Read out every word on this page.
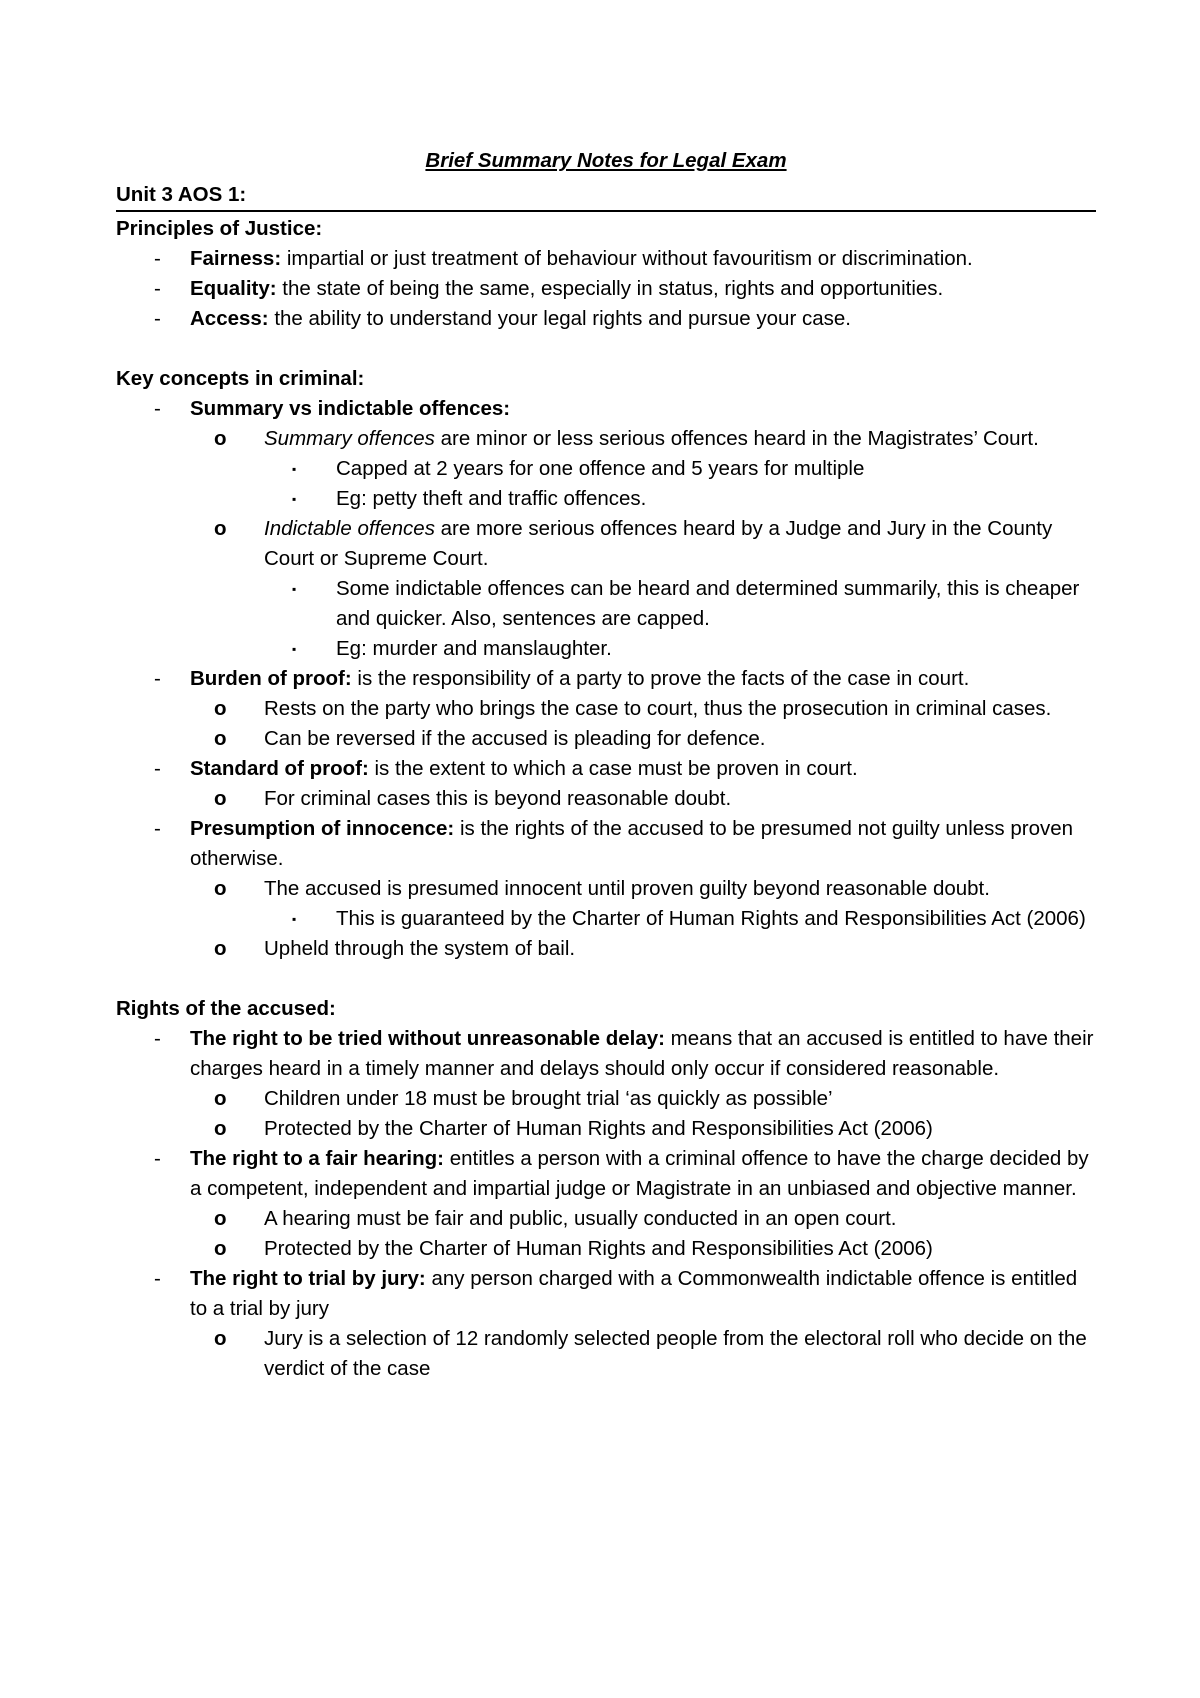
Brief Summary Notes for Legal Exam
Unit 3 AOS 1:
Principles of Justice:
- Fairness: impartial or just treatment of behaviour without favouritism or discrimination.
- Equality: the state of being the same, especially in status, rights and opportunities.
- Access: the ability to understand your legal rights and pursue your case.
Key concepts in criminal:
- Summary vs indictable offences:
o Summary offences are minor or less serious offences heard in the Magistrates’ Court.
▪ Capped at 2 years for one offence and 5 years for multiple
▪ Eg: petty theft and traffic offences.
o Indictable offences are more serious offences heard by a Judge and Jury in the County Court or Supreme Court.
▪ Some indictable offences can be heard and determined summarily, this is cheaper and quicker. Also, sentences are capped.
▪ Eg: murder and manslaughter.
- Burden of proof: is the responsibility of a party to prove the facts of the case in court.
o Rests on the party who brings the case to court, thus the prosecution in criminal cases.
o Can be reversed if the accused is pleading for defence.
- Standard of proof: is the extent to which a case must be proven in court.
o For criminal cases this is beyond reasonable doubt.
- Presumption of innocence: is the rights of the accused to be presumed not guilty unless proven otherwise.
o The accused is presumed innocent until proven guilty beyond reasonable doubt.
▪ This is guaranteed by the Charter of Human Rights and Responsibilities Act (2006)
o Upheld through the system of bail.
Rights of the accused:
- The right to be tried without unreasonable delay: means that an accused is entitled to have their charges heard in a timely manner and delays should only occur if considered reasonable.
o Children under 18 must be brought trial ‘as quickly as possible’
o Protected by the Charter of Human Rights and Responsibilities Act (2006)
- The right to a fair hearing: entitles a person with a criminal offence to have the charge decided by a competent, independent and impartial judge or Magistrate in an unbiased and objective manner.
o A hearing must be fair and public, usually conducted in an open court.
o Protected by the Charter of Human Rights and Responsibilities Act (2006)
- The right to trial by jury: any person charged with a Commonwealth indictable offence is entitled to a trial by jury
o Jury is a selection of 12 randomly selected people from the electoral roll who decide on the verdict of the case
